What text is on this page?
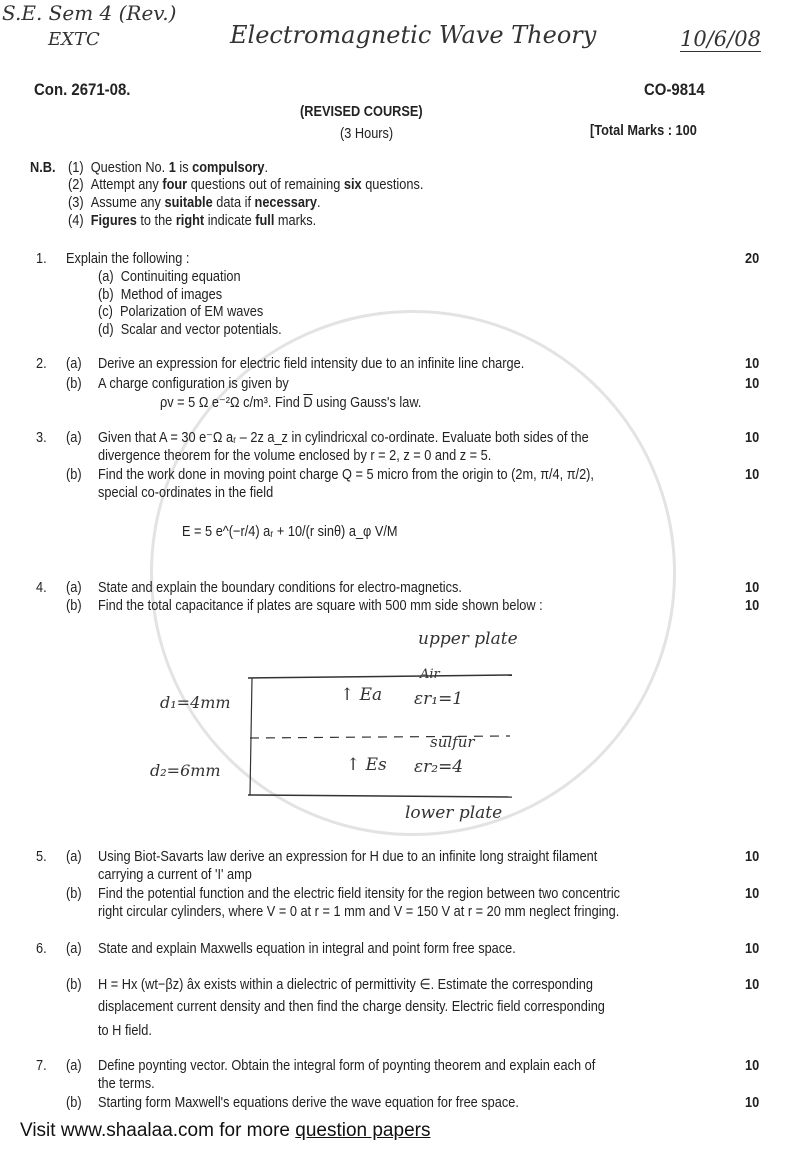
S.E. Sem 4 (Rev.)
EXTC	Electromagnetic Wave Theory	10/6/08
Con. 2671-08.	CO-9814
(REVISED COURSE)
(3 Hours)	[Total Marks : 100
N.B. (1) Question No. 1 is compulsory.
(2) Attempt any four questions out of remaining six questions.
(3) Assume any suitable data if necessary.
(4) Figures to the right indicate full marks.
1. Explain the following :	20
(a) Continuiting equation
(b) Method of images
(c) Polarization of EM waves
(d) Scalar and vector potentials.
2. (a) Derive an expression for electric field intensity due to an infinite line charge.	10
(b) A charge configuration is given by	10
ρv = 5 Ω e⁻²Ω c/m³. Find $\overline{D}$ using Gauss's law.
3. (a) Given that A = 30 e⁻Ω aᵣ – 2z a_z in cylindricxal co-ordinate. Evaluate both sides of the	10
divergence theorem for the volume enclosed by r = 2, z = 0 and z = 5.
(b) Find the work done in moving point charge Q = 5 micro from the origin to (2m, π/4, π/2),	10
special co-ordinates in the field
E = 5 e^(−r/4) aᵣ + 10/(r sinθ) a_φ V/M
4. (a) State and explain the boundary conditions for electro-magnetics.	10
(b) Find the total capacitance if plates are square with 500 mm side shown below :	10
upper plate
lower plate
d₁=4mm
d₂=6mm
↑ Ea
↑ Es
Air
εr₁=1
sulfur
εr₂=4
5. (a) Using Biot-Savarts law derive an expression for H due to an infinite long straight filament	10
carrying a current of 'I' amp
(b) Find the potential function and the electric field itensity for the region between two concentric	10
right circular cylinders, where V = 0 at r = 1 mm and V = 150 V at r = 20 mm neglect fringing.
6. (a) State and explain Maxwells equation in integral and point form free space.	10
(b) H = Hx (wt−βz) âx exists within a dielectric of permittivity ∈. Estimate the corresponding	10
displacement current density and then find the charge density. Electric field corresponding
to H field.
7. (a) Define poynting vector. Obtain the integral form of poynting theorem and explain each of	10
the terms.
(b) Starting form Maxwell's equations derive the wave equation for free space.	10
Visit www.shaalaa.com for more question papers
